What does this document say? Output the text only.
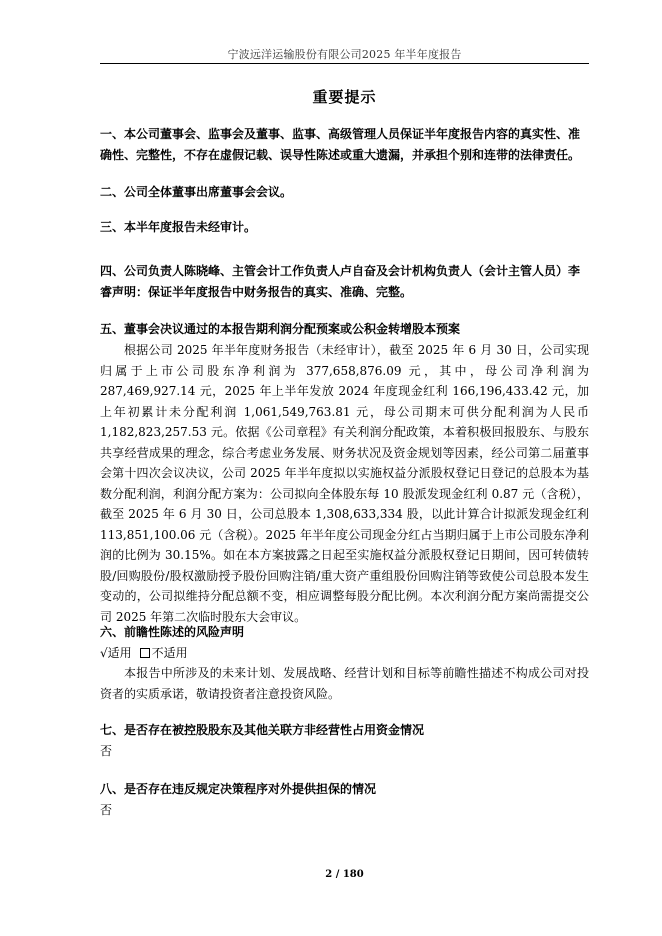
宁波远洋运输股份有限公司2025 年半年度报告
重要提示

一、本公司董事会、监事会及董事、监事、高级管理人员保证半年度报告内容的真实性、准确性、完整性，不存在虚假记载、误导性陈述或重大遗漏，并承担个别和连带的法律责任。

二、公司全体董事出席董事会会议。

三、本半年度报告未经审计。

四、公司负责人陈晓峰、主管会计工作负责人卢自奋及会计机构负责人（会计主管人员）李睿声明：保证半年度报告中财务报告的真实、准确、完整。

五、董事会决议通过的本报告期利润分配预案或公积金转增股本预案

根据公司 2025 年半年度财务报告（未经审计），截至 2025 年 6 月 30 日，公司实现归属于上市公司股东净利润为 377,658,876.09 元，其中，母公司净利润为 287,469,927.14 元，2025 年上半年发放 2024 年度现金红利 166,196,433.42 元，加上年初累计未分配利润 1,061,549,763.81 元，母公司期末可供分配利润为人民币 1,182,823,257.53 元。依据《公司章程》有关利润分配政策，本着积极回报股东、与股东共享经营成果的理念，综合考虑业务发展、财务状况及资金规划等因素，经公司第二届董事会第十四次会议决议，公司 2025 年半年度拟以实施权益分派股权登记日登记的总股本为基数分配利润，利润分配方案为：公司拟向全体股东每 10 股派发现金红利 0.87 元（含税），截至 2025 年 6 月 30 日，公司总股本 1,308,633,334 股，以此计算合计拟派发现金红利 113,851,100.06 元（含税）。2025 年半年度公司现金分红占当期归属于上市公司股东净利润的比例为 30.15%。如在本方案披露之日起至实施权益分派股权登记日期间，因可转债转股/回购股份/股权激励授予股份回购注销/重大资产重组股份回购注销等致使公司总股本发生变动的，公司拟维持分配总额不变，相应调整每股分配比例。本次利润分配方案尚需提交公司 2025 年第二次临时股东大会审议。

六、前瞻性陈述的风险声明

√适用 不适用

本报告中所涉及的未来计划、发展战略、经营计划和目标等前瞻性描述不构成公司对投资者的实质承诺，敬请投资者注意投资风险。

七、是否存在被控股股东及其他关联方非经营性占用资金情况

否

八、是否存在违反规定决策程序对外提供担保的情况

否

2 / 180
